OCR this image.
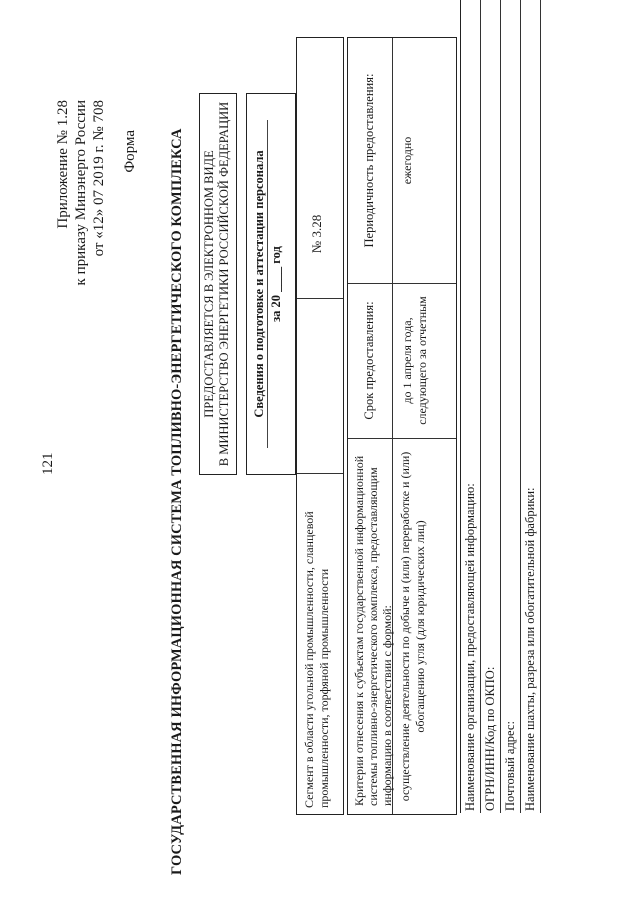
121
Приложение № 1.28 к приказу Минэнерго России от «12» 07 2019 г. № 708 Форма ГОСУДАРСТВЕННАЯ ИНФОРМАЦИОННАЯ СИСТЕМА ТОПЛИВНО-ЭНЕРГЕТИЧЕСКОГО КОМПЛЕКСА ПРЕДОСТАВЛЯЕТСЯ В ЭЛЕКТРОННОМ ВИДЕ В МИНИСТЕРСТВО ЭНЕРГЕТИКИ РОССИЙСКОЙ ФЕДЕРАЦИИ Сведения о подготовке и аттестации персонала за 20 ____ год
Сегмент в области угольной промышленности, сланцевой промышленности, торфяной промышленности
№ 3.28
Критерии отнесения к субъектам государственной информационной системы топливно-энергетического комплекса, предоставляющим информацию в соответствии с формой: осуществление деятельности по добыче и (или) переработке и (или) обогащению угля (для юридических лиц)
Срок предоставления: до 1 апреля года, следующего за отчетным
Периодичность предоставления: ежегодно
Наименование организации, предоставляющей информацию: ОГРН/ИНН/Код по ОКПО: Почтовый адрес: Наименование шахты, разреза или обогатительной фабрики:
